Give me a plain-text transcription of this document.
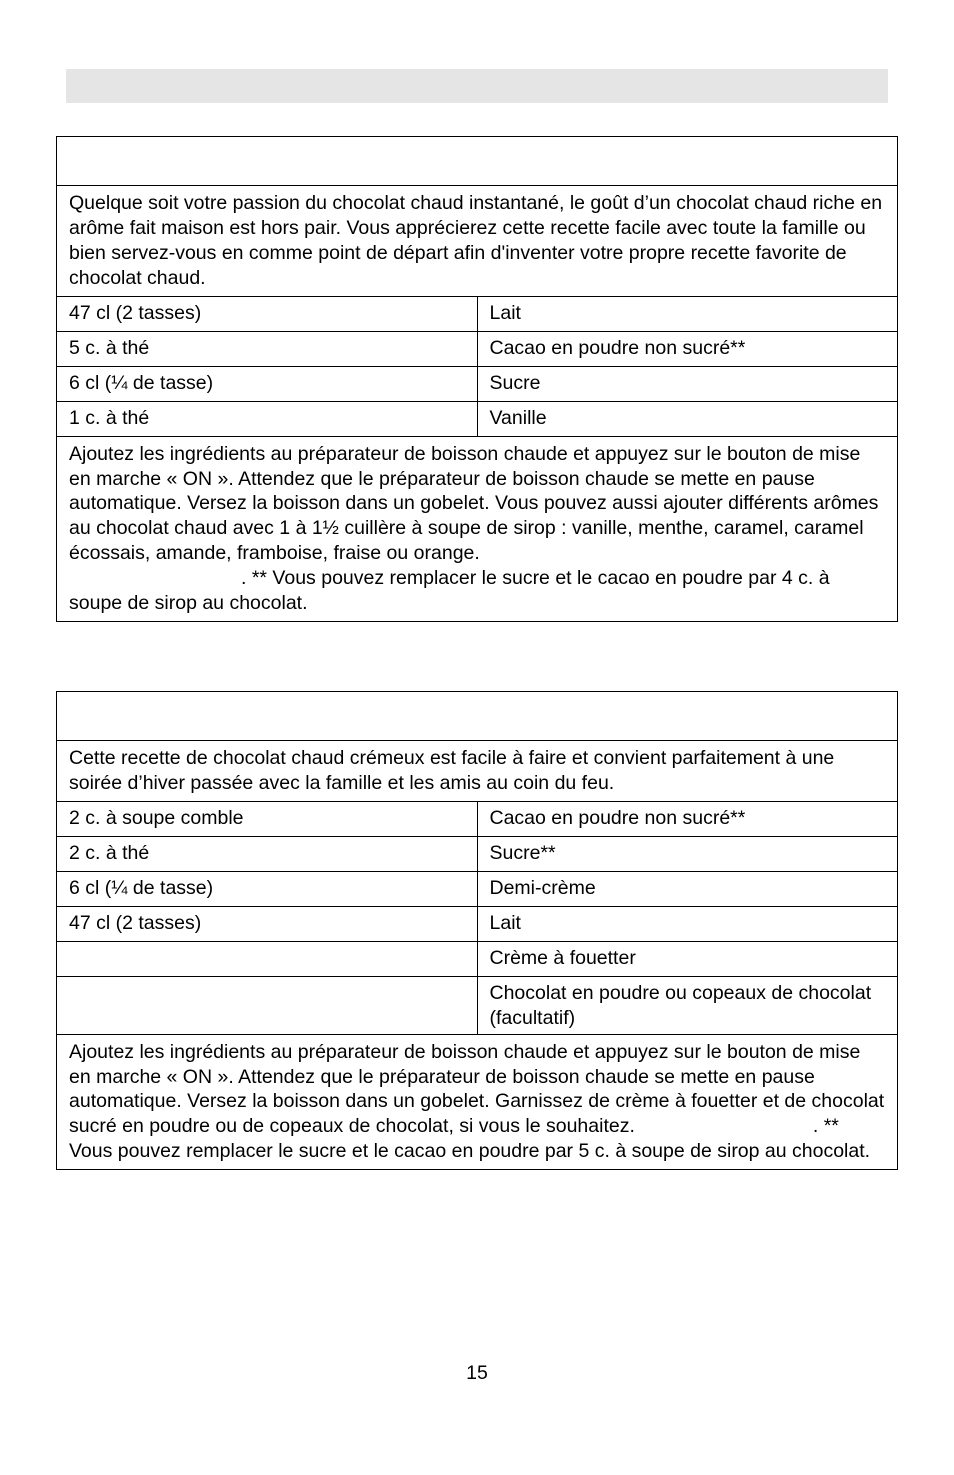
Quelque soit votre passion du chocolat chaud instantané, le goût d’un chocolat chaud riche en arôme fait maison est hors pair. Vous apprécierez cette recette facile avec toute la famille ou bien servez-vous en comme point de départ afin d'inventer votre propre recette favorite de chocolat chaud.	
47 cl (2 tasses)	Lait
5 c. à thé	Cacao en poudre non sucré**
6 cl (¼ de tasse)	Sucre
1 c. à thé	Vanille
Ajoutez les ingrédients au préparateur de boisson chaude et appuyez sur le bouton de mise en marche « ON ». Attendez que le préparateur de boisson chaude se mette en pause automatique. Versez la boisson dans un gobelet. Vous pouvez aussi ajouter différents arômes au chocolat chaud avec 1 à 1½ cuillère à soupe de sirop : vanille, menthe, caramel, caramel écossais, amande, framboise, fraise ou orange.
. ** Vous pouvez remplacer le sucre et le cacao en poudre par 4 c. à soupe de sirop au chocolat.	

Cette recette de chocolat chaud crémeux est facile à faire et convient parfaitement à une soirée d’hiver passée avec la famille et les amis au coin du feu.	
2 c. à soupe comble	Cacao en poudre non sucré**
2 c. à thé	Sucre**
6 cl (¼ de tasse)	Demi-crème
47 cl (2 tasses)	Lait
	Crème à fouetter
	Chocolat en poudre ou copeaux de chocolat (facultatif)
Ajoutez les ingrédients au préparateur de boisson chaude et appuyez sur le bouton de mise en marche « ON ». Attendez que le préparateur de boisson chaude se mette en pause automatique. Versez la boisson dans un gobelet. Garnissez de crème à fouetter et de chocolat sucré en poudre ou de copeaux de chocolat, si vous le souhaitez. . ** Vous pouvez remplacer le sucre et le cacao en poudre par 5 c. à soupe de sirop au chocolat.	
15
